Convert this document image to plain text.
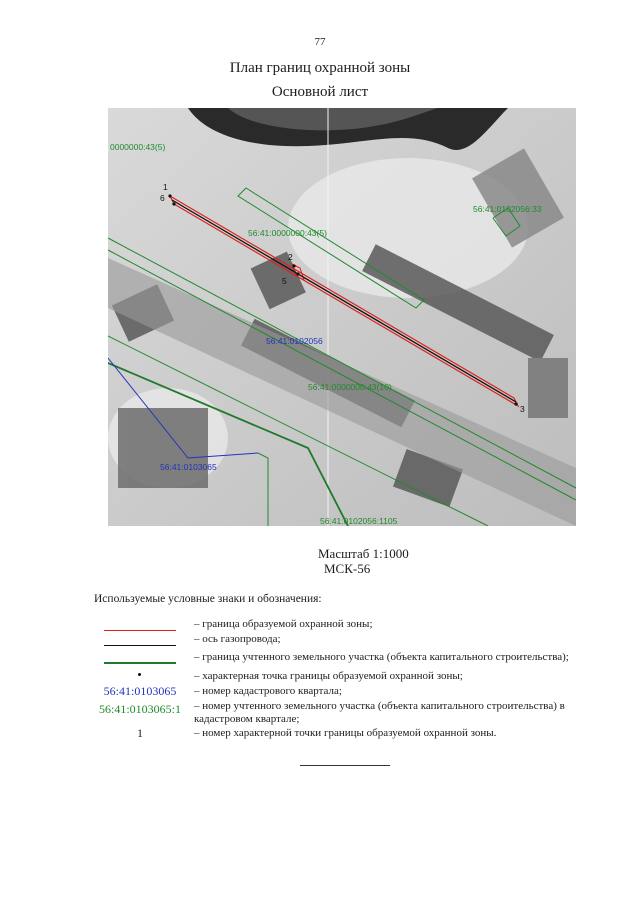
77
План границ охранной зоны
Основной лист
1
6
2
5
3
0000000:43(5)
56:41:0102056:33
56:41:0000000:43(5)
56:41:0102056
56:41:0000000:43(10)
56:41:0103065
56:41:0102056:1105
Масштаб 1:1000
МСК-56
Используемые условные знаки и обозначения:
– граница образуемой охранной зоны;
– ось газопровода;
– граница учтенного земельного участка (объекта капитального строительства);
– характерная точка границы образуемой охранной зоны;
56:41:0103065	– номер кадастрового квартала;
56:41:0103065:1	– номер учтенного земельного участка (объекта капитального строительства) в кадастровом квартале;
1	– номер характерной точки границы образуемой охранной зоны.
